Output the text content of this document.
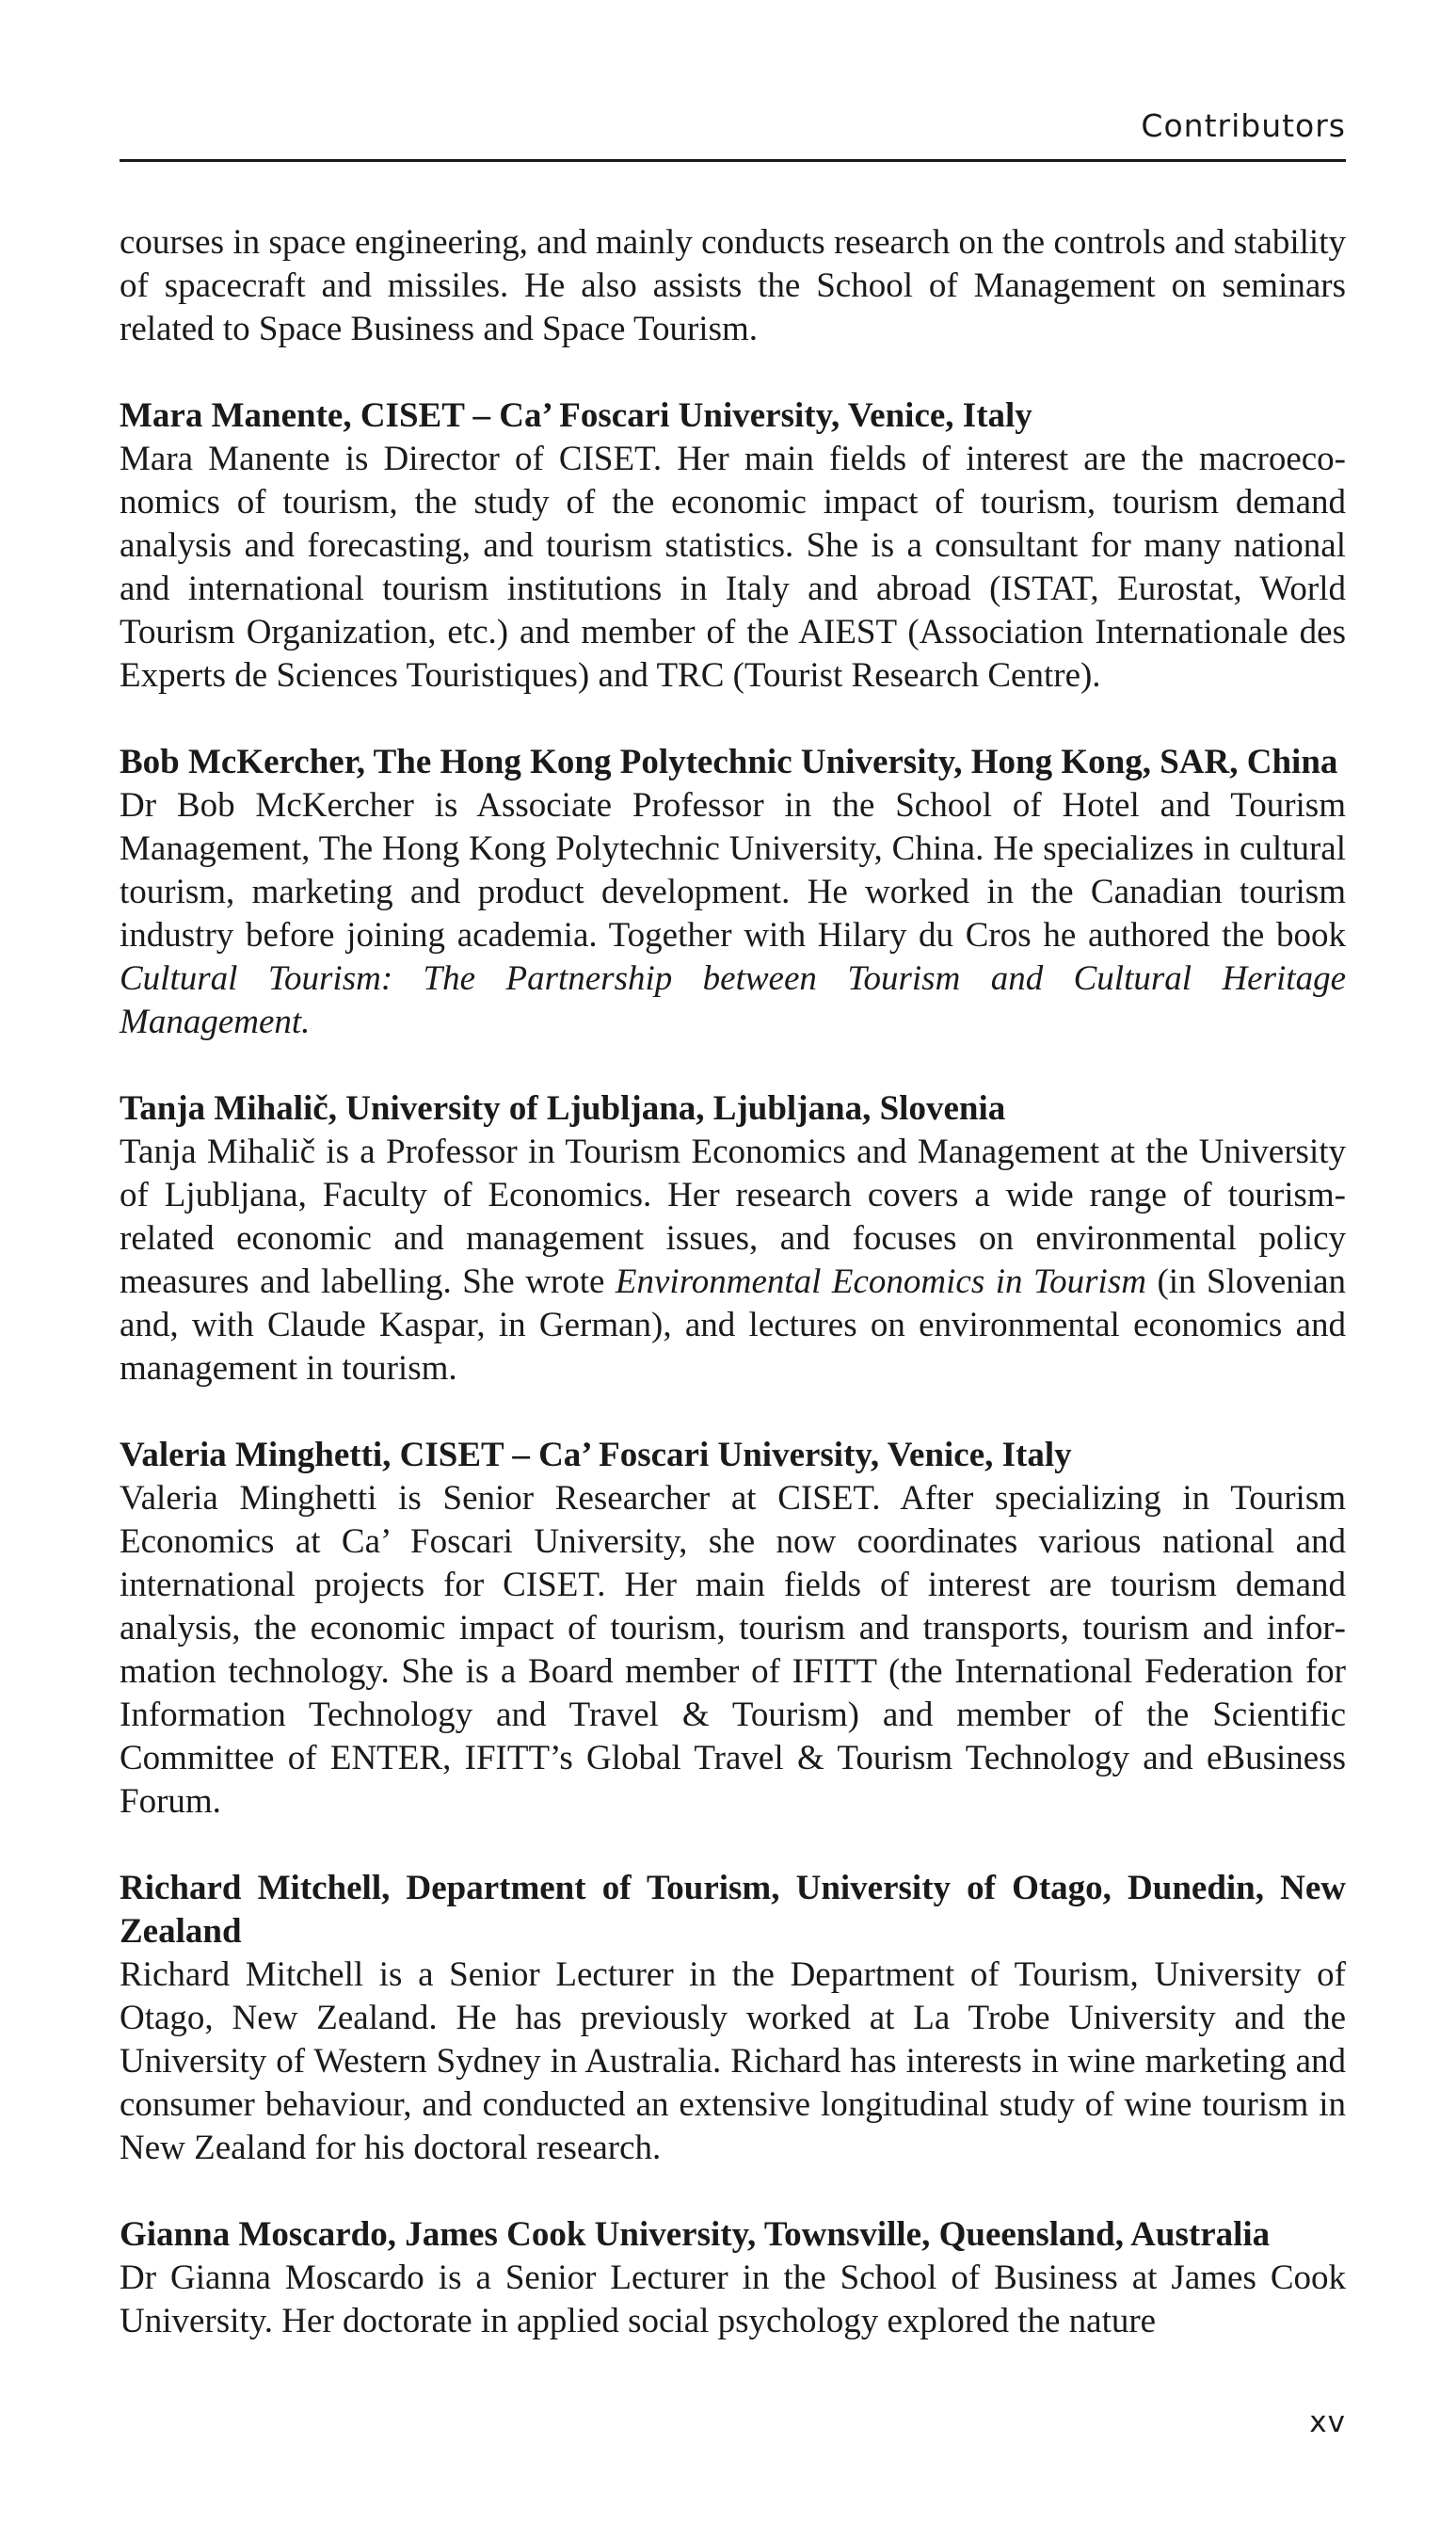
Contributors

courses in space engineering, and mainly conducts research on the controls and stability of spacecraft and missiles. He also assists the School of Management on seminars related to Space Business and Space Tourism.

Mara Manente, CISET – Ca’ Foscari University, Venice, Italy

Mara Manente is Director of CISET. Her main fields of interest are the macroeconomics of tourism, the study of the economic impact of tourism, tourism demand analysis and forecasting, and tourism statistics. She is a consultant for many national and international tourism institutions in Italy and abroad (ISTAT, Eurostat, World Tourism Organization, etc.) and member of the AIEST (Association Internationale des Experts de Sciences Touristiques) and TRC (Tourist Research Centre).

Bob McKercher, The Hong Kong Polytechnic University, Hong Kong, SAR, China

Dr Bob McKercher is Associate Professor in the School of Hotel and Tourism Management, The Hong Kong Polytechnic University, China. He specializes in cultural tourism, marketing and product development. He worked in the Canadian tourism industry before joining academia. Together with Hilary du Cros he authored the book Cultural Tourism: The Partnership between Tourism and Cultural Heritage Management.

Tanja Mihalič, University of Ljubljana, Ljubljana, Slovenia

Tanja Mihalič is a Professor in Tourism Economics and Management at the University of Ljubljana, Faculty of Economics. Her research covers a wide range of tourism-related economic and management issues, and focuses on environmental policy measures and labelling. She wrote Environmental Economics in Tourism (in Slovenian and, with Claude Kaspar, in German), and lectures on environmental economics and management in tourism.

Valeria Minghetti, CISET – Ca’ Foscari University, Venice, Italy

Valeria Minghetti is Senior Researcher at CISET. After specializing in Tourism Economics at Ca’ Foscari University, she now coordinates various national and international projects for CISET. Her main fields of interest are tourism demand analysis, the economic impact of tourism, tourism and transports, tourism and information technology. She is a Board member of IFITT (the International Federation for Information Technology and Travel & Tourism) and member of the Scientific Committee of ENTER, IFITT’s Global Travel & Tourism Technology and eBusiness Forum.

Richard Mitchell, Department of Tourism, University of Otago, Dunedin, New Zealand

Richard Mitchell is a Senior Lecturer in the Department of Tourism, University of Otago, New Zealand. He has previously worked at La Trobe University and the University of Western Sydney in Australia. Richard has interests in wine marketing and consumer behaviour, and conducted an extensive longitudinal study of wine tourism in New Zealand for his doctoral research.

Gianna Moscardo, James Cook University, Townsville, Queensland, Australia

Dr Gianna Moscardo is a Senior Lecturer in the School of Business at James Cook University. Her doctorate in applied social psychology explored the nature

xv
